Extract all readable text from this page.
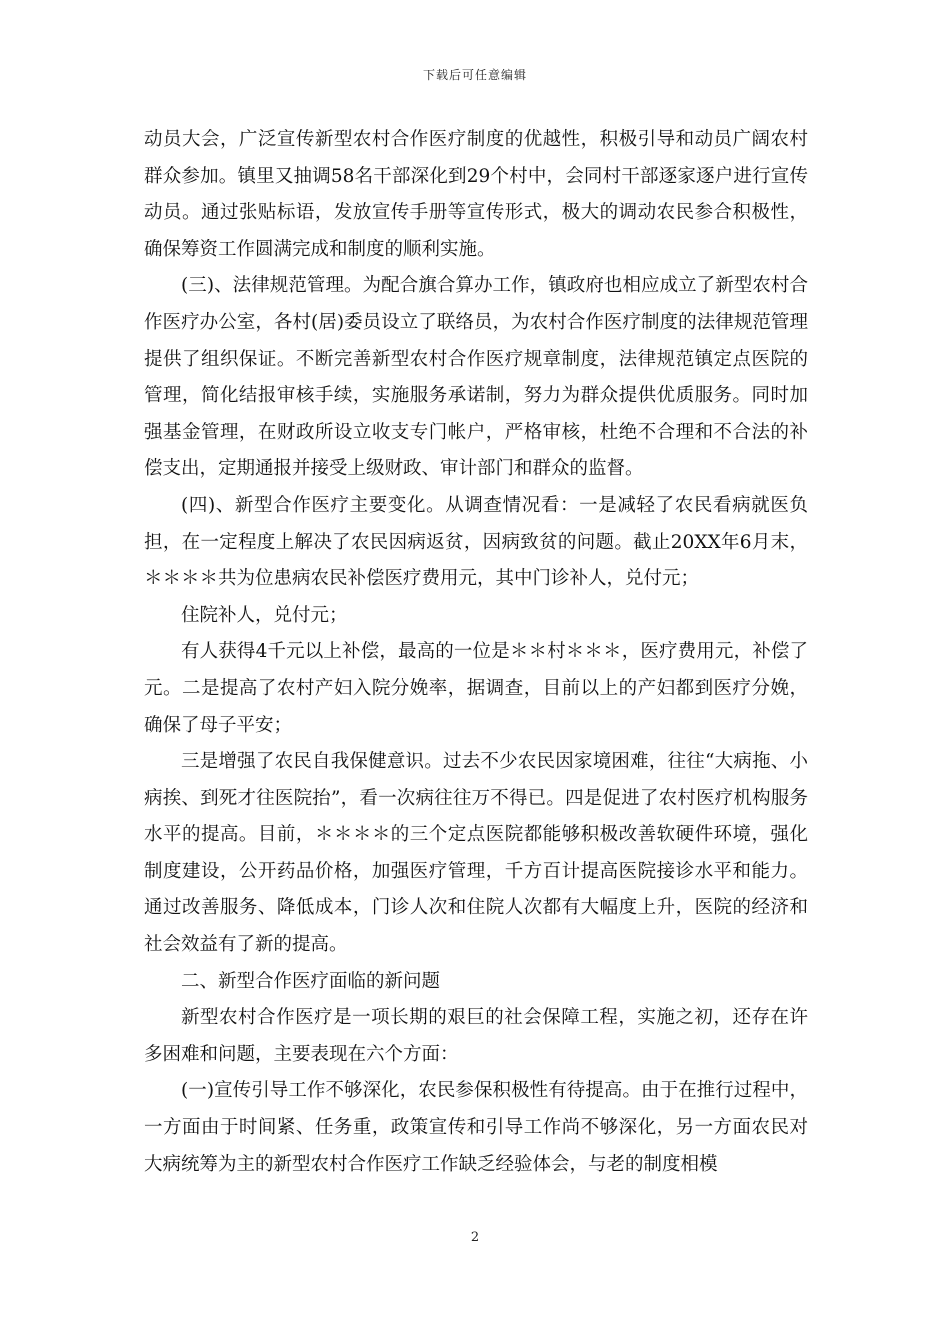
下载后可任意编辑

动员大会，广泛宣传新型农村合作医疗制度的优越性，积极引导和动员广阔农村群众参加。镇里又抽调58名干部深化到29个村中，会同村干部逐家逐户进行宣传动员。通过张贴标语，发放宣传手册等宣传形式，极大的调动农民参合积极性，确保筹资工作圆满完成和制度的顺利实施。

(三)、法律规范管理。为配合旗合算办工作，镇政府也相应成立了新型农村合作医疗办公室，各村(居)委员设立了联络员，为农村合作医疗制度的法律规范管理提供了组织保证。不断完善新型农村合作医疗规章制度，法律规范镇定点医院的管理，简化结报审核手续，实施服务承诺制，努力为群众提供优质服务。同时加强基金管理，在财政所设立收支专门帐户，严格审核，杜绝不合理和不合法的补偿支出，定期通报并接受上级财政、审计部门和群众的监督。

(四)、新型合作医疗主要变化。从调查情况看：一是减轻了农民看病就医负担，在一定程度上解决了农民因病返贫，因病致贫的问题。截止20XX年6月末，＊＊＊＊共为位患病农民补偿医疗费用元，其中门诊补人，兑付元；

住院补人，兑付元；

有人获得4千元以上补偿，最高的一位是＊＊村＊＊＊，医疗费用元，补偿了元。二是提高了农村产妇入院分娩率，据调查，目前以上的产妇都到医疗分娩，确保了母子平安；

三是增强了农民自我保健意识。过去不少农民因家境困难，往往“大病拖、小病挨、到死才往医院抬”，看一次病往往万不得已。四是促进了农村医疗机构服务水平的提高。目前，＊＊＊＊的三个定点医院都能够积极改善软硬件环境，强化制度建设，公开药品价格，加强医疗管理，千方百计提高医院接诊水平和能力。通过改善服务、降低成本，门诊人次和住院人次都有大幅度上升，医院的经济和社会效益有了新的提高。

二、新型合作医疗面临的新问题

新型农村合作医疗是一项长期的艰巨的社会保障工程，实施之初，还存在许多困难和问题，主要表现在六个方面：

(一)宣传引导工作不够深化，农民参保积极性有待提高。由于在推行过程中，一方面由于时间紧、任务重，政策宣传和引导工作尚不够深化，另一方面农民对大病统筹为主的新型农村合作医疗工作缺乏经验体会，与老的制度相模

2
